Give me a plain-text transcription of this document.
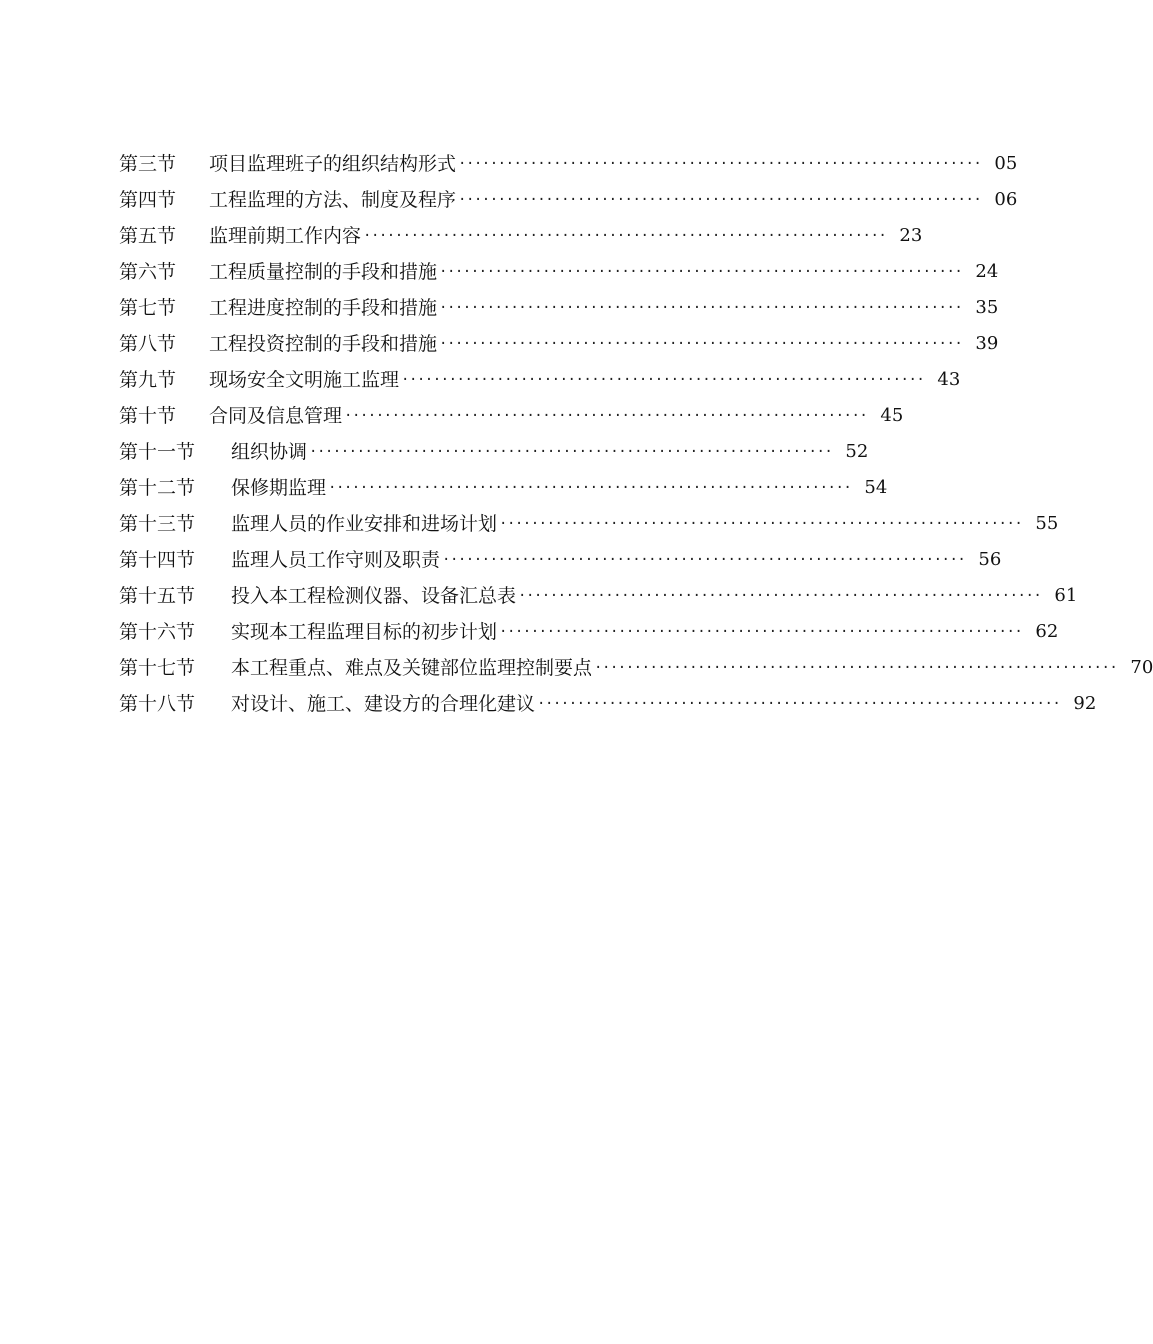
第三节	项目监理班子的组织结构形式 ·································································· 05
第四节	工程监理的方法、制度及程序 ·································································· 06
第五节	监理前期工作内容 ·································································· 23
第六节	工程质量控制的手段和措施 ·································································· 24
第七节	工程进度控制的手段和措施 ·································································· 35
第八节	工程投资控制的手段和措施 ·································································· 39
第九节	现场安全文明施工监理 ·································································· 43
第十节	合同及信息管理 ·································································· 45
第十一节	组织协调 ·································································· 52
第十二节	保修期监理 ·································································· 54
第十三节	监理人员的作业安排和进场计划 ·································································· 55
第十四节	监理人员工作守则及职责 ·································································· 56
第十五节	投入本工程检测仪器、设备汇总表 ·································································· 61
第十六节	实现本工程监理目标的初步计划 ·································································· 62
第十七节	本工程重点、难点及关键部位监理控制要点 ·································································· 70
第十八节	对设计、施工、建设方的合理化建议 ·································································· 92
